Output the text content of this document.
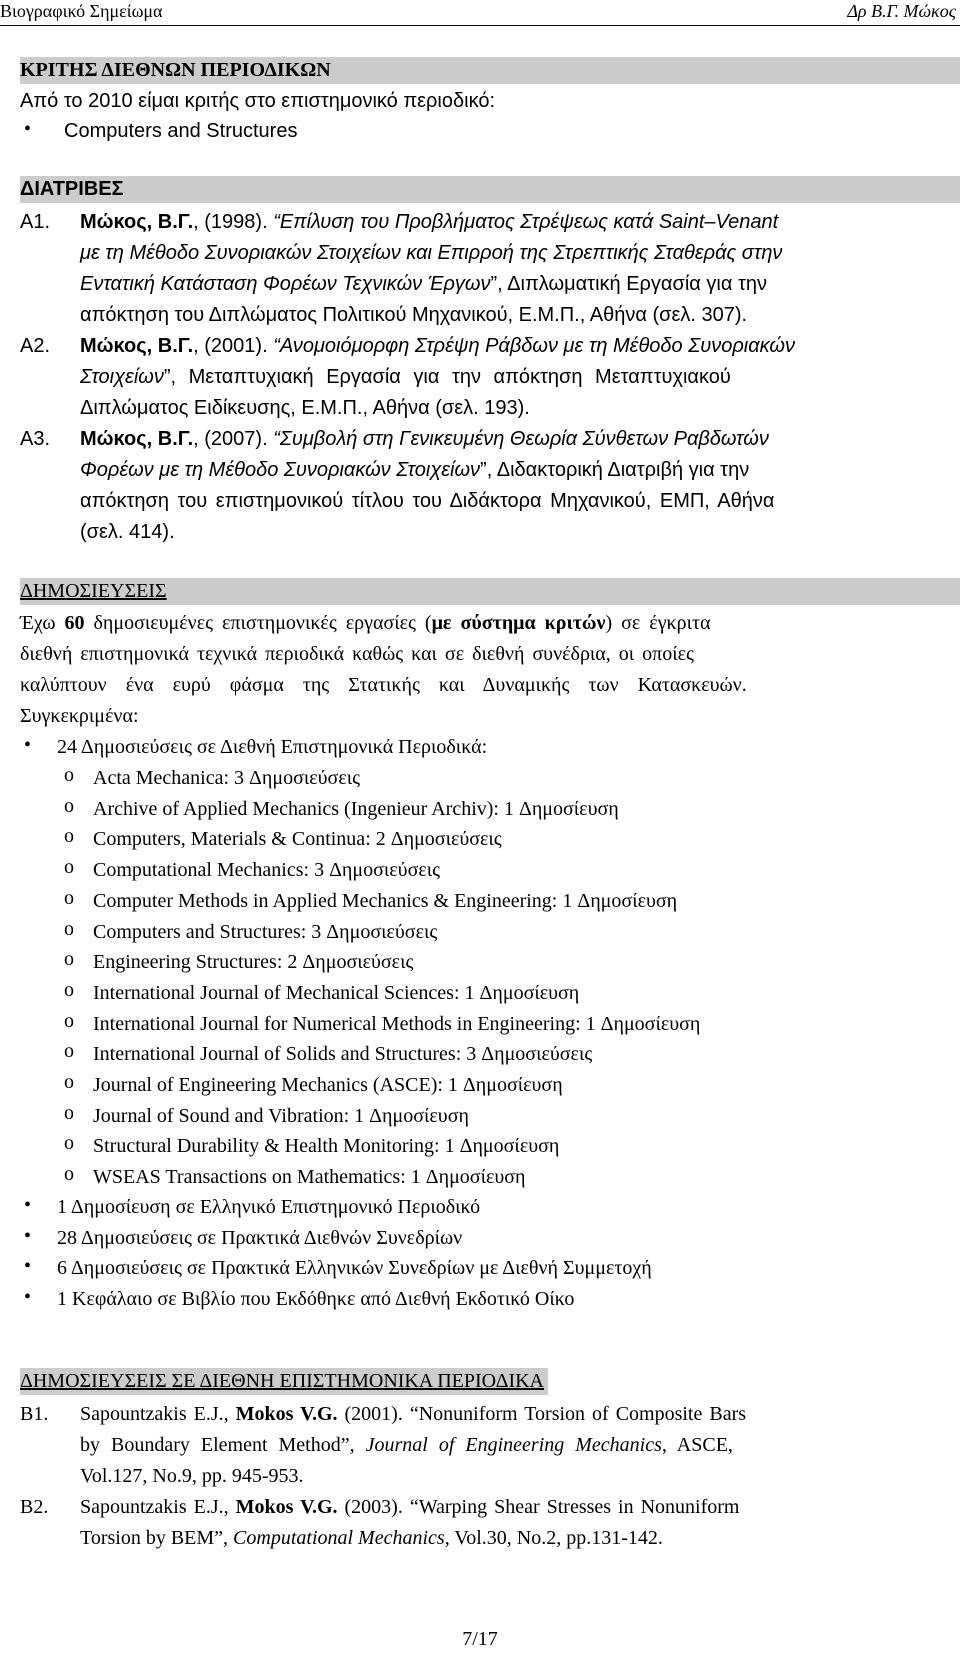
Βιογραφικό Σημείωμα	Δρ Β.Γ. Μώκος
ΚΡΙΤΗΣ ΔΙΕΘΝΩΝ ΠΕΡΙΟΔΙΚΩΝ
Από το 2010 είμαι κριτής στο επιστημονικό περιοδικό:
• Computers and Structures
ΔΙΑΤΡΙΒΕΣ
Α1. Μώκος, Β.Γ., (1998). “Επίλυση του Προβλήματος Στρέψεως κατά Saint–Venant
με τη Μέθοδο Συνοριακών Στοιχείων και Επιρροή της Στρεπτικής Σταθεράς στην
Εντατική Κατάσταση Φορέων Τεχνικών Έργων”, Διπλωματική Εργασία για την
απόκτηση του Διπλώματος Πολιτικού Μηχανικού, Ε.Μ.Π., Αθήνα (σελ. 307).
Α2. Μώκος, Β.Γ., (2001). “Ανομοιόμορφη Στρέψη Ράβδων με τη Μέθοδο Συνοριακών
Στοιχείων”, Μεταπτυχιακή Εργασία για την απόκτηση Μεταπτυχιακού
Διπλώματος Ειδίκευσης, Ε.Μ.Π., Αθήνα (σελ. 193).
Α3. Μώκος, Β.Γ., (2007). “Συμβολή στη Γενικευμένη Θεωρία Σύνθετων Ραβδωτών
Φορέων με τη Μέθοδο Συνοριακών Στοιχείων”, Διδακτορική Διατριβή για την
απόκτηση του επιστημονικού τίτλου του Διδάκτορα Μηχανικού, ΕΜΠ, Αθήνα
(σελ. 414).
ΔΗΜΟΣΙΕΥΣΕΙΣ
Έχω 60 δημοσιευμένες επιστημονικές εργασίες (με σύστημα κριτών) σε έγκριτα
διεθνή επιστημονικά τεχνικά περιοδικά καθώς και σε διεθνή συνέδρια, οι οποίες
καλύπτουν ένα ευρύ φάσμα της Στατικής και Δυναμικής των Κατασκευών.
Συγκεκριμένα:
• 24 Δημοσιεύσεις σε Διεθνή Επιστημονικά Περιοδικά:
o Acta Mechanica: 3 Δημοσιεύσεις
o Archive of Applied Mechanics (Ingenieur Archiv): 1 Δημοσίευση
o Computers, Materials & Continua: 2 Δημοσιεύσεις
o Computational Mechanics: 3 Δημοσιεύσεις
o Computer Methods in Applied Mechanics & Engineering: 1 Δημοσίευση
o Computers and Structures: 3 Δημοσιεύσεις
o Engineering Structures: 2 Δημοσιεύσεις
o International Journal of Mechanical Sciences: 1 Δημοσίευση
o International Journal for Numerical Methods in Engineering: 1 Δημοσίευση
o International Journal of Solids and Structures: 3 Δημοσιεύσεις
o Journal of Engineering Mechanics (ASCE): 1 Δημοσίευση
o Journal of Sound and Vibration: 1 Δημοσίευση
o Structural Durability & Health Monitoring: 1 Δημοσίευση
o WSEAS Transactions on Mathematics: 1 Δημοσίευση
• 1 Δημοσίευση σε Ελληνικό Επιστημονικό Περιοδικό
• 28 Δημοσιεύσεις σε Πρακτικά Διεθνών Συνεδρίων
• 6 Δημοσιεύσεις σε Πρακτικά Ελληνικών Συνεδρίων με Διεθνή Συμμετοχή
• 1 Κεφάλαιο σε Βιβλίο που Εκδόθηκε από Διεθνή Εκδοτικό Οίκο
ΔΗΜΟΣΙΕΥΣΕΙΣ ΣΕ ΔΙΕΘΝΗ ΕΠΙΣΤΗΜΟΝΙΚΑ ΠΕΡΙΟΔΙΚΑ
Β1. Sapountzakis E.J., Mokos V.G. (2001). “Nonuniform Torsion of Composite Bars
by Boundary Element Method”, Journal of Engineering Mechanics, ASCE,
Vol.127, No.9, pp. 945-953.
Β2. Sapountzakis E.J., Mokos V.G. (2003). “Warping Shear Stresses in Nonuniform
Torsion by BEM”, Computational Mechanics, Vol.30, No.2, pp.131-142.
7/17
